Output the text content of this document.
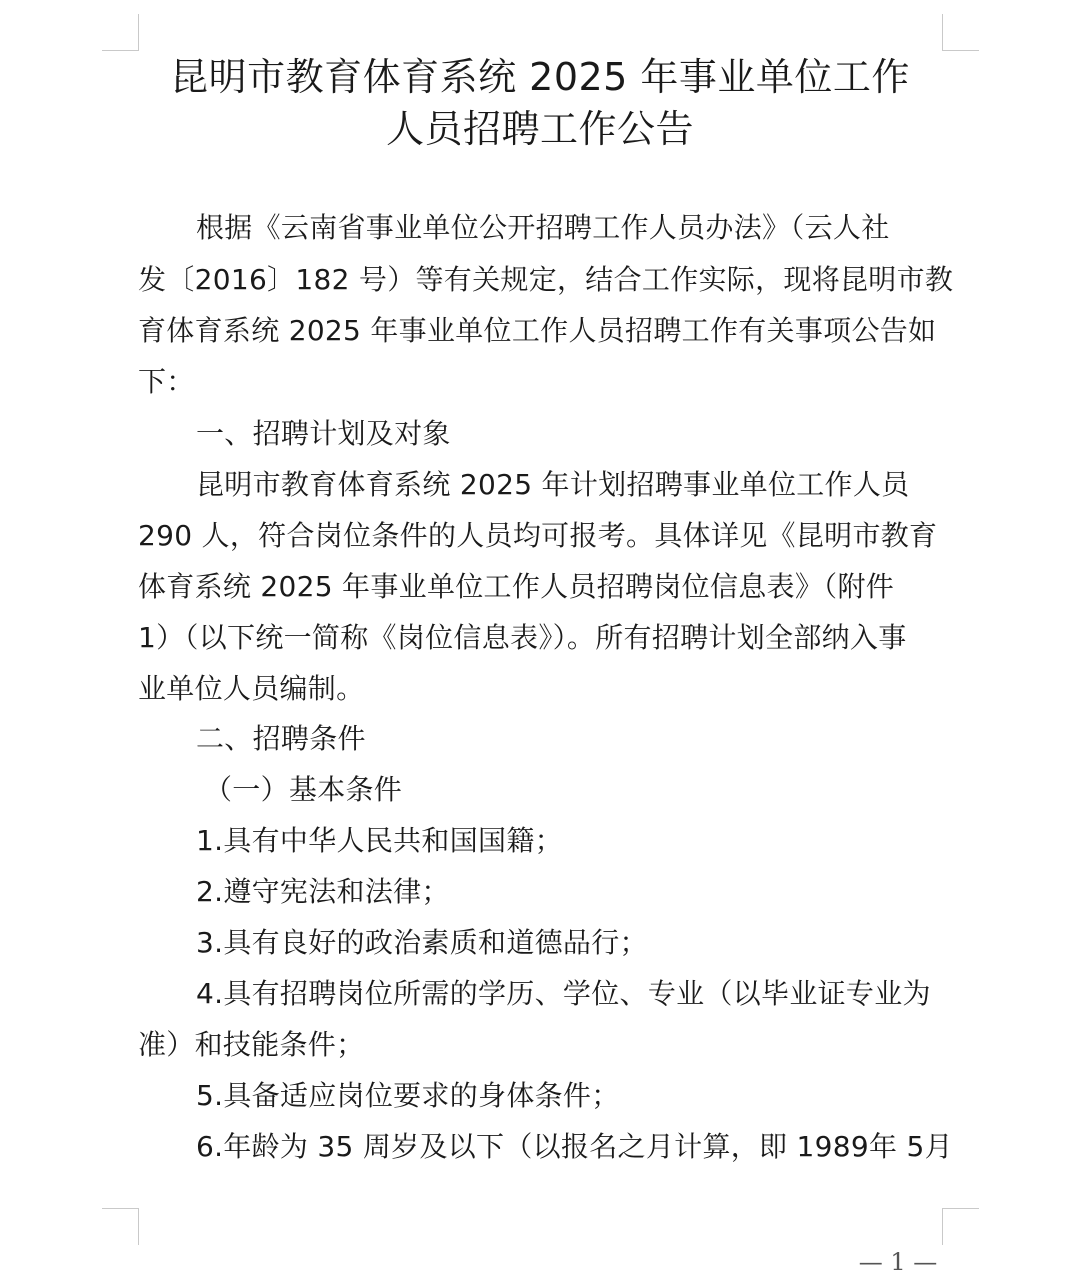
昆明市教育体育系统 2025 年事业单位工作
人员招聘工作公告
根据《云南省事业单位公开招聘工作人员办法》（云人社
发〔2016〕182 号）等有关规定，结合工作实际，现将昆明市教
育体育系统 2025 年事业单位工作人员招聘工作有关事项公告如
下：
一、招聘计划及对象
昆明市教育体育系统 2025 年计划招聘事业单位工作人员
290 人，符合岗位条件的人员均可报考。具体详见《昆明市教育
体育系统 2025 年事业单位工作人员招聘岗位信息表》（附件
1）（以下统一简称《岗位信息表》）。所有招聘计划全部纳入事
业单位人员编制。
二、招聘条件
（一）基本条件
1.具有中华人民共和国国籍；
2.遵守宪法和法律；
3.具有良好的政治素质和道德品行；
4.具有招聘岗位所需的学历、学位、专业（以毕业证专业为
准）和技能条件；
5.具备适应岗位要求的身体条件；
6.年龄为 35 周岁及以下（以报名之月计算，即 1989年 5月
— 1 —
